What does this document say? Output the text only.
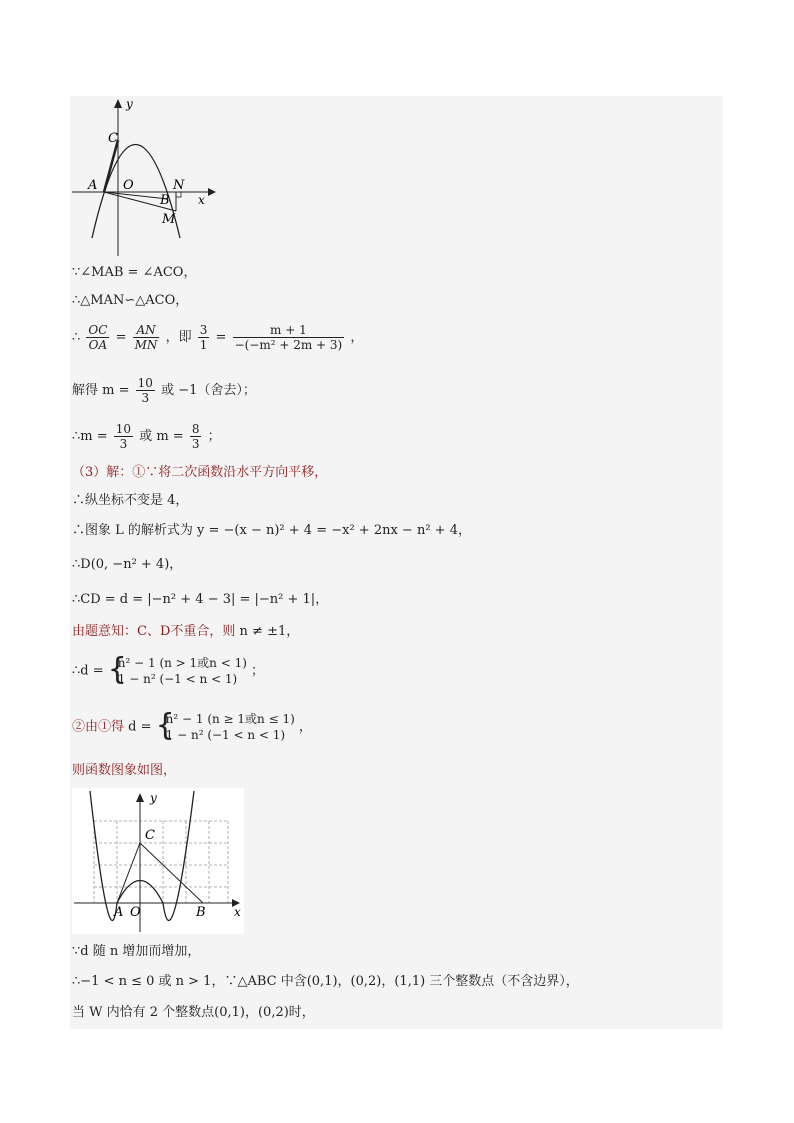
y
x
C
A O	N
B
M
∵∠MAB = ∠ACO，
∴△MAN∽△ACO，
∴ $\frac{OC}{OA} = \frac{AN}{MN}$ ，即 $\frac{3}{1} = \frac{m + 1}{\text{−(−m² + 2m + 3)}}$ ，
解得 $m = \frac{10}{3}$ 或 −1（舍去）；
∴m = $\frac{10}{3}$ 或 $m = \frac{8}{3}$ ；
（3）解：①∵将二次函数沿水平方向平移，
∴纵坐标不变是 4，
∴图象 L 的解析式为 y = −(x − n)² + 4 = −x² + 2nx − n² + 4，
∴D(0, −n² + 4)，
∴CD = d = |−n² + 4 − 3| = |−n² + 1|，
由题意知：C、D不重合，则 n ≠ ±1，
∴d = {
n² − 1 (n > 1或n < 1)
1 − n² (−1 < n < 1)
；
②由①得 d = {
n² − 1 (n ≥ 1或n ≤ 1)
1 − n² (−1 < n < 1)
，
则函数图象如图，
y
x
C
A O	B
∵d 随 n 增加而增加，
∴−1 < n ≤ 0 或 n > 1，∵△ABC 中含(0,1)，(0,2)，(1,1) 三个整数点（不含边界），
当 W 内恰有 2 个整数点(0,1)，(0,2)时，
